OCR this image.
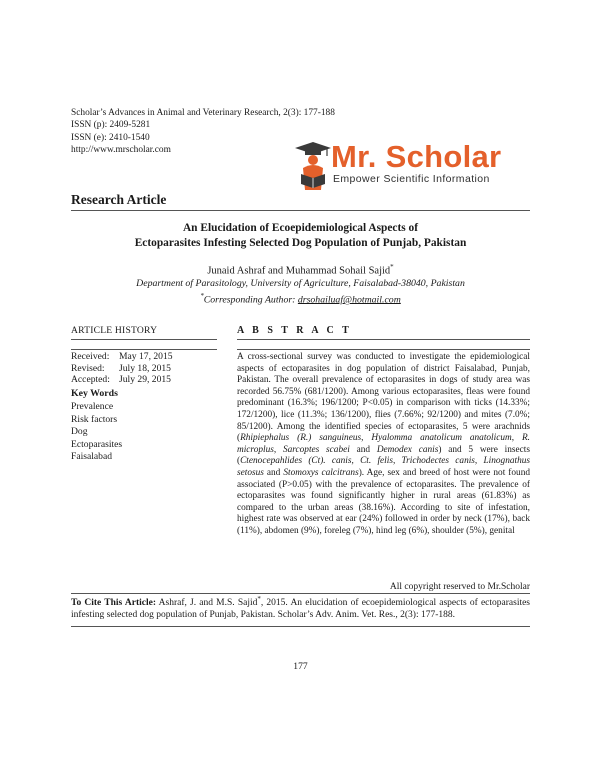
Scholar’s Advances in Animal and Veterinary Research, 2(3): 177-188
ISSN (p): 2409-5281
ISSN (e): 2410-1540
http://www.mrscholar.com	Mr. Scholar
Empower Scientific Information
Research Article
An Elucidation of Ecoepidemiological Aspects of
Ectoparasites Infesting Selected Dog Population of Punjab, Pakistan
Junaid Ashraf and Muhammad Sohail Sajid*
Department of Parasitology, University of Agriculture, Faisalabad-38040, Pakistan
*Corresponding Author: drsohailuaf@hotmail.com
ARTICLE HISTORY
Received: May 17, 2015
Revised: July 18, 2015
Accepted: July 29, 2015
Key Words
Prevalence
Risk factors
Dog
Ectoparasites
Faisalabad
A B S T R A C T
A cross-sectional survey was conducted to investigate the epidemiological aspects of ectoparasites in dog population of district Faisalabad, Punjab, Pakistan. The overall prevalence of ectoparasites in dogs of study area was recorded 56.75% (681/1200). Among various ectoparasites, fleas were found predominant (16.3%; 196/1200; P<0.05) in comparison with ticks (14.33%; 172/1200), lice (11.3%; 136/1200), flies (7.66%; 92/1200) and mites (7.0%; 85/1200). Among the identified species of ectoparasites, 5 were arachnids (Rhipiephalus (R.) sanguineus, Hyalomma anatolicum anatolicum, R. microplus, Sarcoptes scabei and Demodex canis) and 5 were insects (Ctenocepahlides (Ct). canis, Ct. felis, Trichodectes canis, Linognathus setosus and Stomoxys calcitrans). Age, sex and breed of host were not found associated (P>0.05) with the prevalence of ectoparasites. The prevalence of ectoparasites was found significantly higher in rural areas (61.83%) as compared to the urban areas (38.16%). According to site of infestation, highest rate was observed at ear (24%) followed in order by neck (17%), back (11%), abdomen (9%), foreleg (7%), hind leg (6%), shoulder (5%), genital
All copyright reserved to Mr.Scholar
To Cite This Article: Ashraf, J. and M.S. Sajid*, 2015. An elucidation of ecoepidemiological aspects of ectoparasites infesting selected dog population of Punjab, Pakistan. Scholar’s Adv. Anim. Vet. Res., 2(3): 177-188.
177
